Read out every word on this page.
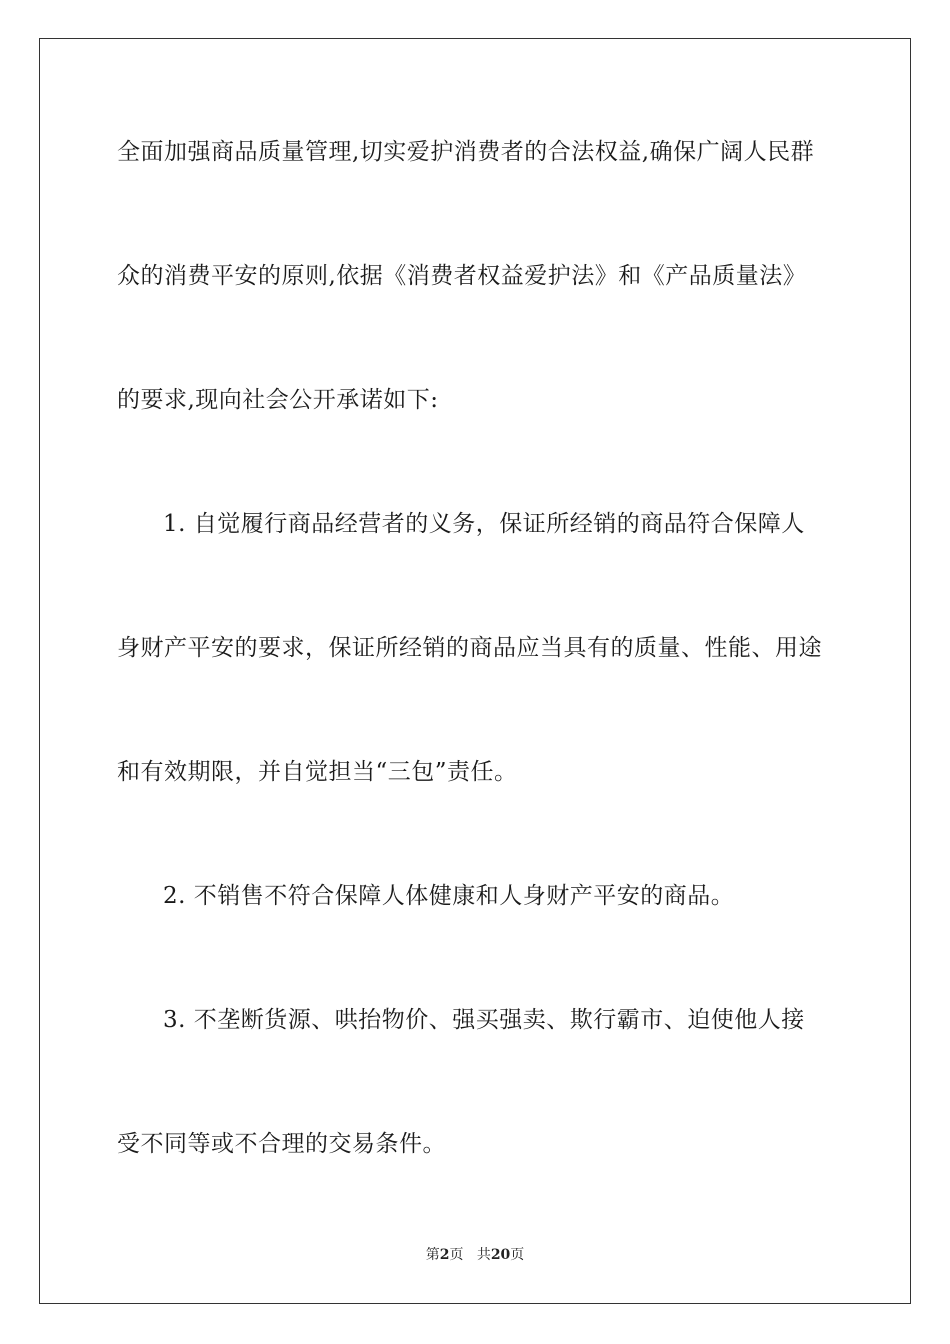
全面加强商品质量管理,切实爱护消费者的合法权益,确保广阔人民群
众的消费平安的原则,依据《消费者权益爱护法》和《产品质量法》
的要求,现向社会公开承诺如下:
1. 自觉履行商品经营者的义务，保证所经销的商品符合保障人
身财产平安的要求，保证所经销的商品应当具有的质量、性能、用途
和有效期限，并自觉担当“三包”责任。
2. 不销售不符合保障人体健康和人身财产平安的商品。
3. 不垄断货源、哄抬物价、强买强卖、欺行霸市、迫使他人接
受不同等或不合理的交易条件。
第2页 共20页
